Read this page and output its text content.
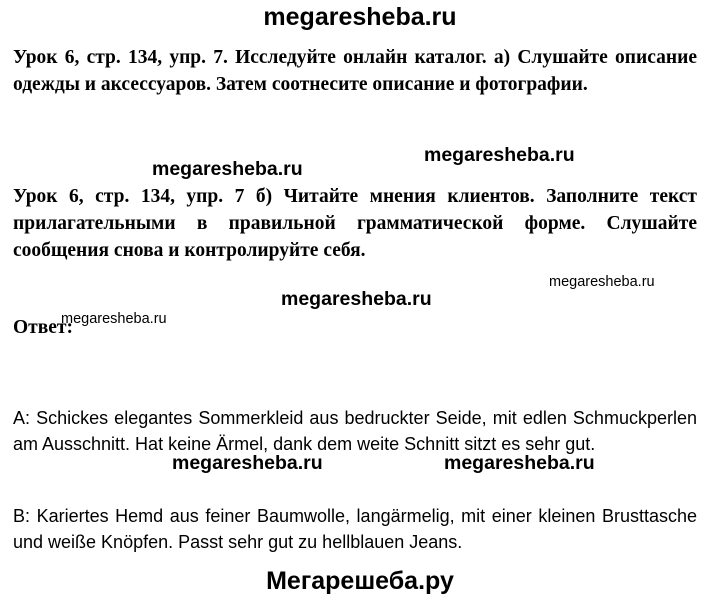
megaresheba.ru
Урок 6, стр. 134, упр. 7. Исследуйте онлайн каталог. а) Слушайте описание одежды и аксессуаров. Затем соотнесите описание и фотографии.
megaresheba.ru
megaresheba.ru
Урок 6, стр. 134, упр. 7 б) Читайте мнения клиентов. Заполните текст прилагательными в правильной грамматической форме. Слушайте сообщения снова и контролируйте себя.
megaresheba.ru
megaresheba.ru
megaresheba.ru
Ответ:
A: Schickes elegantes Sommerkleid aus bedruckter Seide, mit edlen Schmuckperlen am Ausschnitt. Hat keine Ärmel, dank dem weite Schnitt sitzt es sehr gut.
megaresheba.ru	megaresheba.ru
B: Kariertes Hemd aus feiner Baumwolle, langärmelig, mit einer kleinen Brusttasche und weiße Knöpfen. Passt sehr gut zu hellblauen Jeans.
Мегарешеба.ру
